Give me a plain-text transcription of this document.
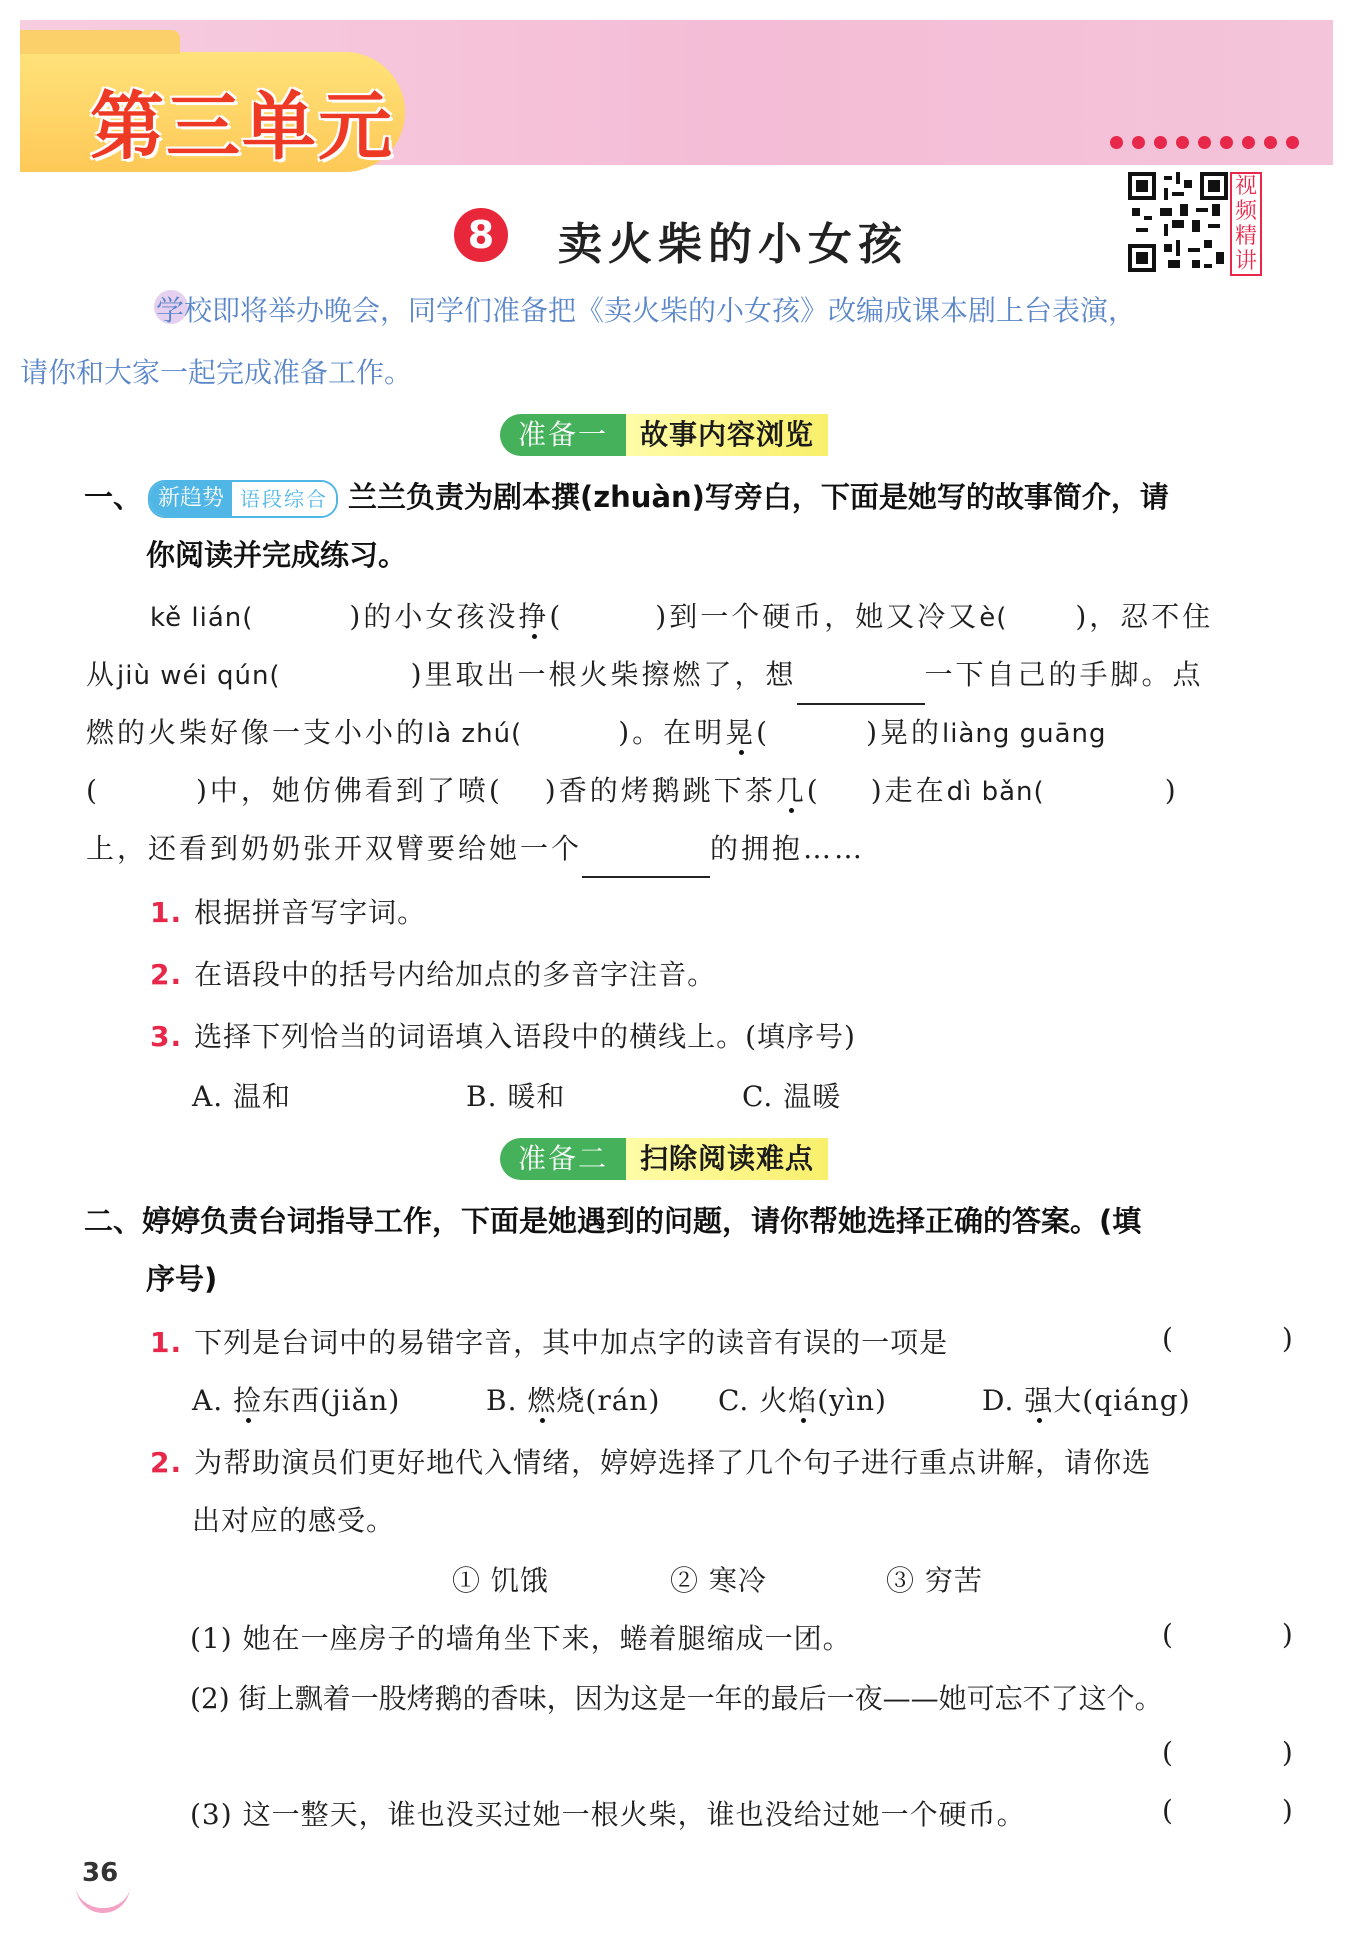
第三单元
8	卖火柴的小女孩
视
频
精
讲
学校即将举办晚会，同学们准备把《卖火柴的小女孩》改编成课本剧上台表演，
请你和大家一起完成准备工作。
准备一	故事内容浏览
一、 新趋势 语段综合 兰兰负责为剧本撰(zhuàn)写旁白，下面是她写的故事简介，请
你阅读并完成练习。
kě lián(	)的小女孩没挣(	)到一个硬币，她又冷又è( )，忍不住
从jiù wéi qún(	)里取出一根火柴擦燃了，想	一下自己的手脚。点
燃的火柴好像一支小小的là zhú(	)。在明晃(	)晃的liàng guāng
(	)中，她仿佛看到了喷( )香的烤鹅跳下茶几( )走在dì bǎn(	)
上，还看到奶奶张开双臂要给她一个	的拥抱……
1. 根据拼音写字词。
2. 在语段中的括号内给加点的多音字注音。
3. 选择下列恰当的词语填入语段中的横线上。(填序号)
A. 温和	B. 暖和	C. 温暖
准备二	扫除阅读难点
二、婷婷负责台词指导工作，下面是她遇到的问题，请你帮她选择正确的答案。(填
序号)
1. 下列是台词中的易错字音，其中加点字的读音有误的一项是	( )
A. 捡东西(jiǎn)	B. 燃烧(rán) C. 火焰(yìn)	D. 强大(qiáng)
2. 为帮助演员们更好地代入情绪，婷婷选择了几个句子进行重点讲解，请你选
出对应的感受。
① 饥饿	② 寒冷	③ 穷苦
(1) 她在一座房子的墙角坐下来，蜷着腿缩成一团。	( )
(2) 街上飘着一股烤鹅的香味，因为这是一年的最后一夜——她可忘不了这个。
( )
(3) 这一整天，谁也没买过她一根火柴，谁也没给过她一个硬币。	( )
36
